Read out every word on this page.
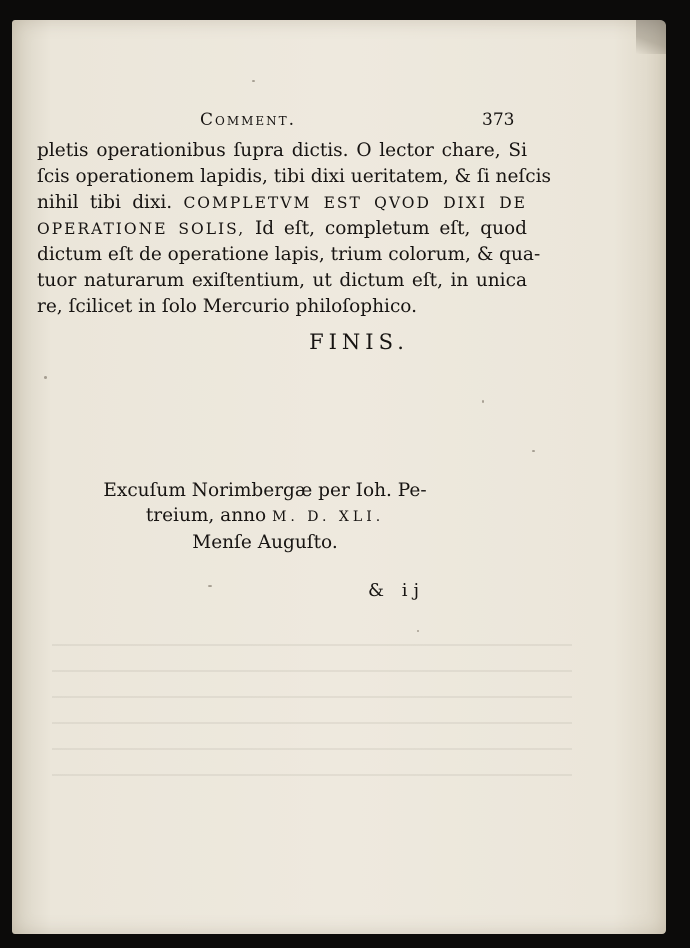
Comment.	373
pletis operationibus ſupra dictis. O lector chare, Si
ſcis operationem lapidis, tibi dixi ueritatem, & ſi neſcis
nihil tibi dixi. COMPLETVM EST QVOD DIXI DE
OPERATIONE SOLIS, Id eſt, completum eſt, quod
dictum eſt de operatione lapis, trium colorum, & qua-
tuor naturarum exiſtentium, ut dictum eſt, in unica
re, ſcilicet in ſolo Mercurio philoſophico.
FINIS.
Excuſum Norimbergæ per Ioh. Pe-
treium, anno M. D. XLI.
Menſe Auguſto.
& ij
